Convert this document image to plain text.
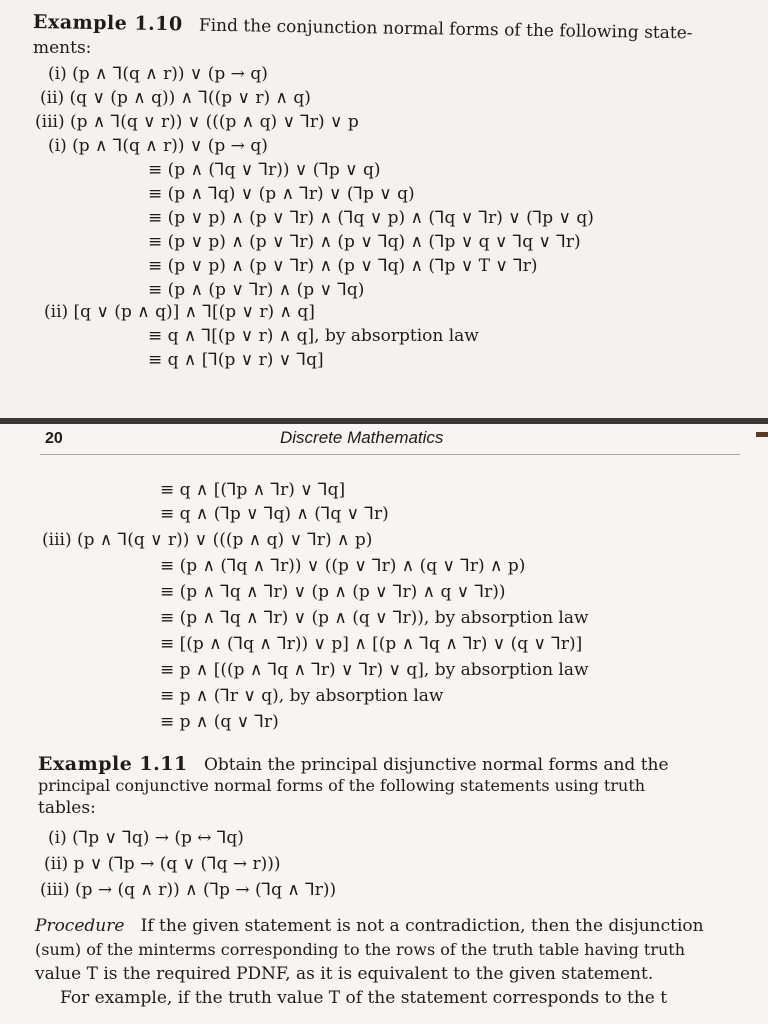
Example 1.10 Find the conjunction normal forms of the following state-
ments:
(i) (p ∧ ⅂(q ∧ r)) ∨ (p → q)
(ii) (q ∨ (p ∧ q)) ∧ ⅂((p ∨ r) ∧ q)
(iii) (p ∧ ⅂(q ∨ r)) ∨ (((p ∧ q) ∨ ⅂r) ∨ p
(i) (p ∧ ⅂(q ∧ r)) ∨ (p → q)
≡ (p ∧ (⅂q ∨ ⅂r)) ∨ (⅂p ∨ q)
≡ (p ∧ ⅂q) ∨ (p ∧ ⅂r) ∨ (⅂p ∨ q)
≡ (p ∨ p) ∧ (p ∨ ⅂r) ∧ (⅂q ∨ p) ∧ (⅂q ∨ ⅂r) ∨ (⅂p ∨ q)
≡ (p ∨ p) ∧ (p ∨ ⅂r) ∧ (p ∨ ⅂q) ∧ (⅂p ∨ q ∨ ⅂q ∨ ⅂r)
≡ (p ∨ p) ∧ (p ∨ ⅂r) ∧ (p ∨ ⅂q) ∧ (⅂p ∨ T ∨ ⅂r)
≡ (p ∧ (p ∨ ⅂r) ∧ (p ∨ ⅂q)
(ii) [q ∨ (p ∧ q)] ∧ ⅂[(p ∨ r) ∧ q]
≡ q ∧ ⅂[(p ∨ r) ∧ q], by absorption law
≡ q ∧ [⅂(p ∨ r) ∨ ⅂q]
20	Discrete Mathematics
≡ q ∧ [(⅂p ∧ ⅂r) ∨ ⅂q]
≡ q ∧ (⅂p ∨ ⅂q) ∧ (⅂q ∨ ⅂r)
(iii) (p ∧ ⅂(q ∨ r)) ∨ (((p ∧ q) ∨ ⅂r) ∧ p)
≡ (p ∧ (⅂q ∧ ⅂r)) ∨ ((p ∨ ⅂r) ∧ (q ∨ ⅂r) ∧ p)
≡ (p ∧ ⅂q ∧ ⅂r) ∨ (p ∧ (p ∨ ⅂r) ∧ q ∨ ⅂r))
≡ (p ∧ ⅂q ∧ ⅂r) ∨ (p ∧ (q ∨ ⅂r)), by absorption law
≡ [(p ∧ (⅂q ∧ ⅂r)) ∨ p] ∧ [(p ∧ ⅂q ∧ ⅂r) ∨ (q ∨ ⅂r)]
≡ p ∧ [((p ∧ ⅂q ∧ ⅂r) ∨ ⅂r) ∨ q], by absorption law
≡ p ∧ (⅂r ∨ q), by absorption law
≡ p ∧ (q ∨ ⅂r)
Example 1.11 Obtain the principal disjunctive normal forms and the
principal conjunctive normal forms of the following statements using truth
tables:
(i) (⅂p ∨ ⅂q) → (p ↔ ⅂q)
(ii) p ∨ (⅂p → (q ∨ (⅂q → r)))
(iii) (p → (q ∧ r)) ∧ (⅂p → (⅂q ∧ ⅂r))
Procedure If the given statement is not a contradiction, then the disjunction
(sum) of the minterms corresponding to the rows of the truth table having truth
value T is the required PDNF, as it is equivalent to the given statement.
For example, if the truth value T of the statement corresponds to the t
